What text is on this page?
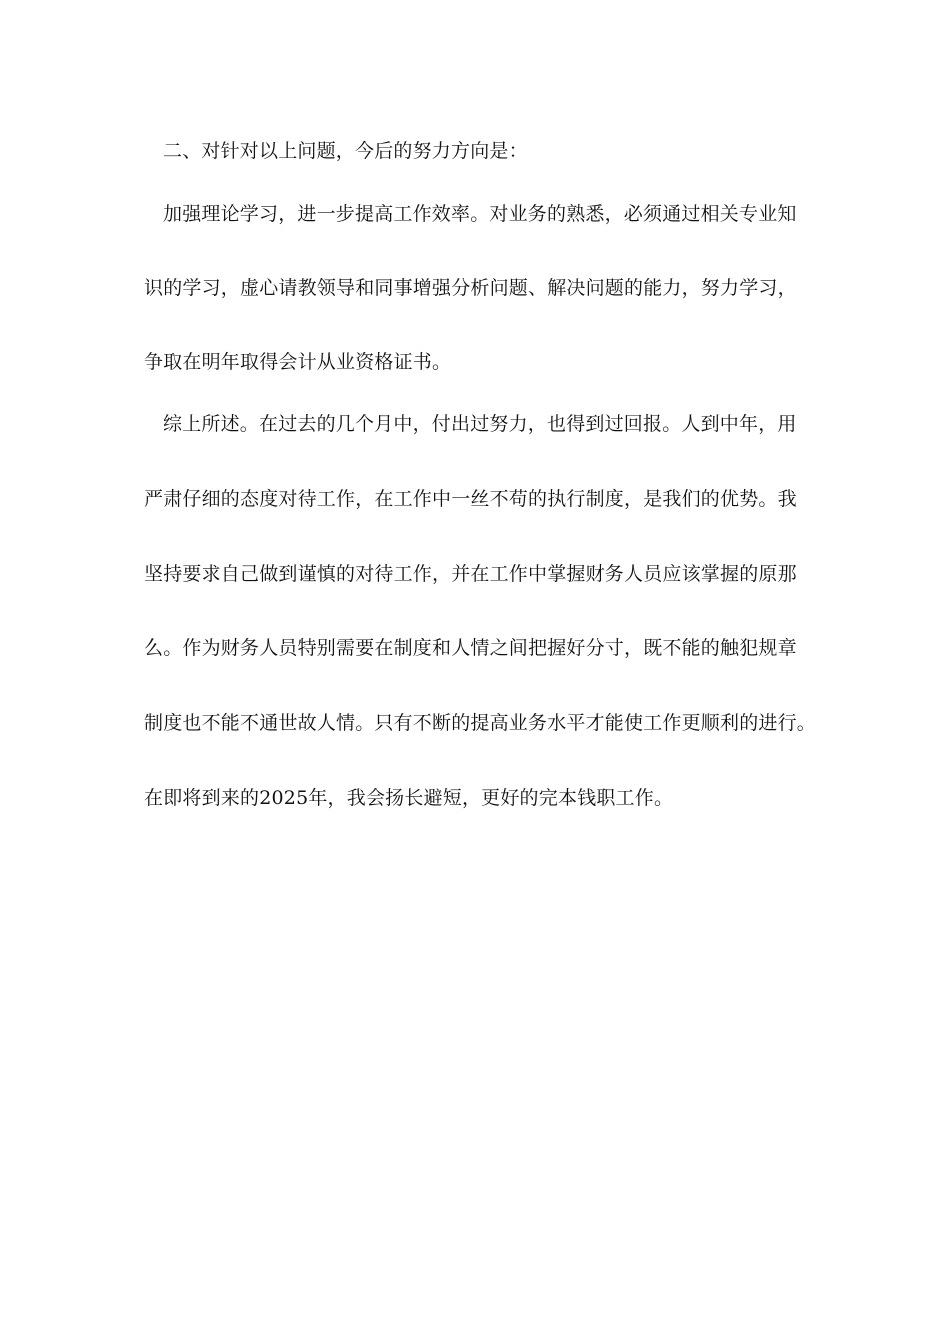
二、对针对以上问题，今后的努力方向是：
加强理论学习，进一步提高工作效率。对业务的熟悉，必须通过相关专业知
识的学习，虚心请教领导和同事增强分析问题、解决问题的能力，努力学习，
争取在明年取得会计从业资格证书。
综上所述。在过去的几个月中，付出过努力，也得到过回报。人到中年，用
严肃仔细的态度对待工作，在工作中一丝不苟的执行制度，是我们的优势。我
坚持要求自己做到谨慎的对待工作，并在工作中掌握财务人员应该掌握的原那
么。作为财务人员特别需要在制度和人情之间把握好分寸，既不能的触犯规章
制度也不能不通世故人情。只有不断的提高业务水平才能使工作更顺利的进行。
在即将到来的2025年，我会扬长避短，更好的完本钱职工作。
